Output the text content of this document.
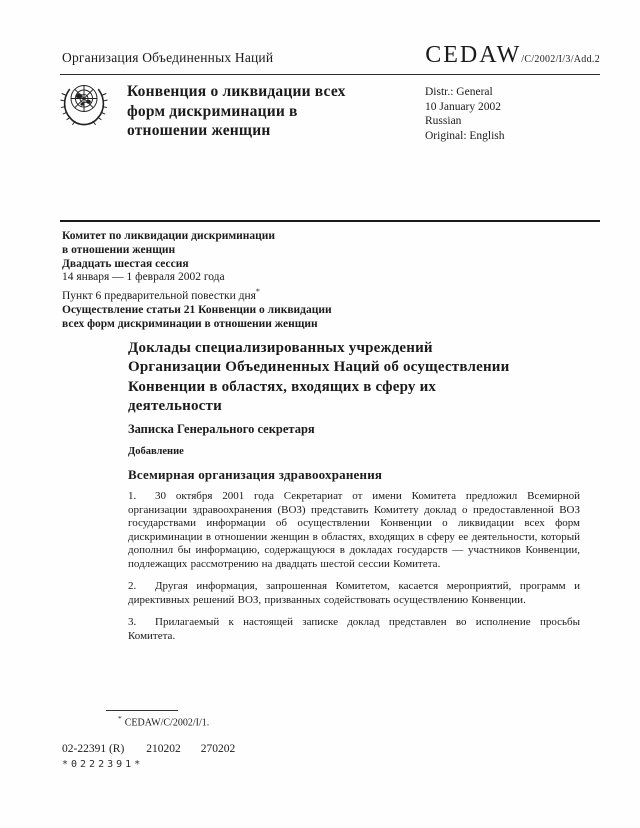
Организация Объединенных Наций	CEDAW/C/2002/I/3/Add.2
Конвенция о ликвидации всех
форм дискриминации в
отношении женщин
Distr.: General
10 January 2002
Russian
Original: English
Комитет по ликвидации дискриминации
в отношении женщин
Двадцать шестая сессия
14 января — 1 февраля 2002 года
Пункт 6 предварительной повестки дня*
Осуществление статьи 21 Конвенции о ликвидации
всех форм дискриминации в отношении женщин
Доклады специализированных учреждений
Организации Объединенных Наций об осуществлении
Конвенции в областях, входящих в сферу их
деятельности
Записка Генерального секретаря
Добавление
Всемирная организация здравоохранения

1. 30 октября 2001 года Секретариат от имени Комитета предложил Всемирной организации здравоохранения (ВОЗ) представить Комитету доклад о предоставленной ВОЗ государствами информации об осуществлении Конвенции о ликвидации всех форм дискриминации в отношении женщин в областях, входящих в сферу ее деятельности, который дополнил бы информацию, содержащуюся в докладах государств — участников Конвенции, подлежащих рассмотрению на двадцать шестой сессии Комитета.

2. Другая информация, запрошенная Комитетом, касается мероприятий, программ и директивных решений ВОЗ, призванных содействовать осуществлению Конвенции.

3. Прилагаемый к настоящей записке доклад представлен во исполнение просьбы Комитета.

* CEDAW/C/2002/I/1.
02-22391 (R) 210202 270202
*0222391*
